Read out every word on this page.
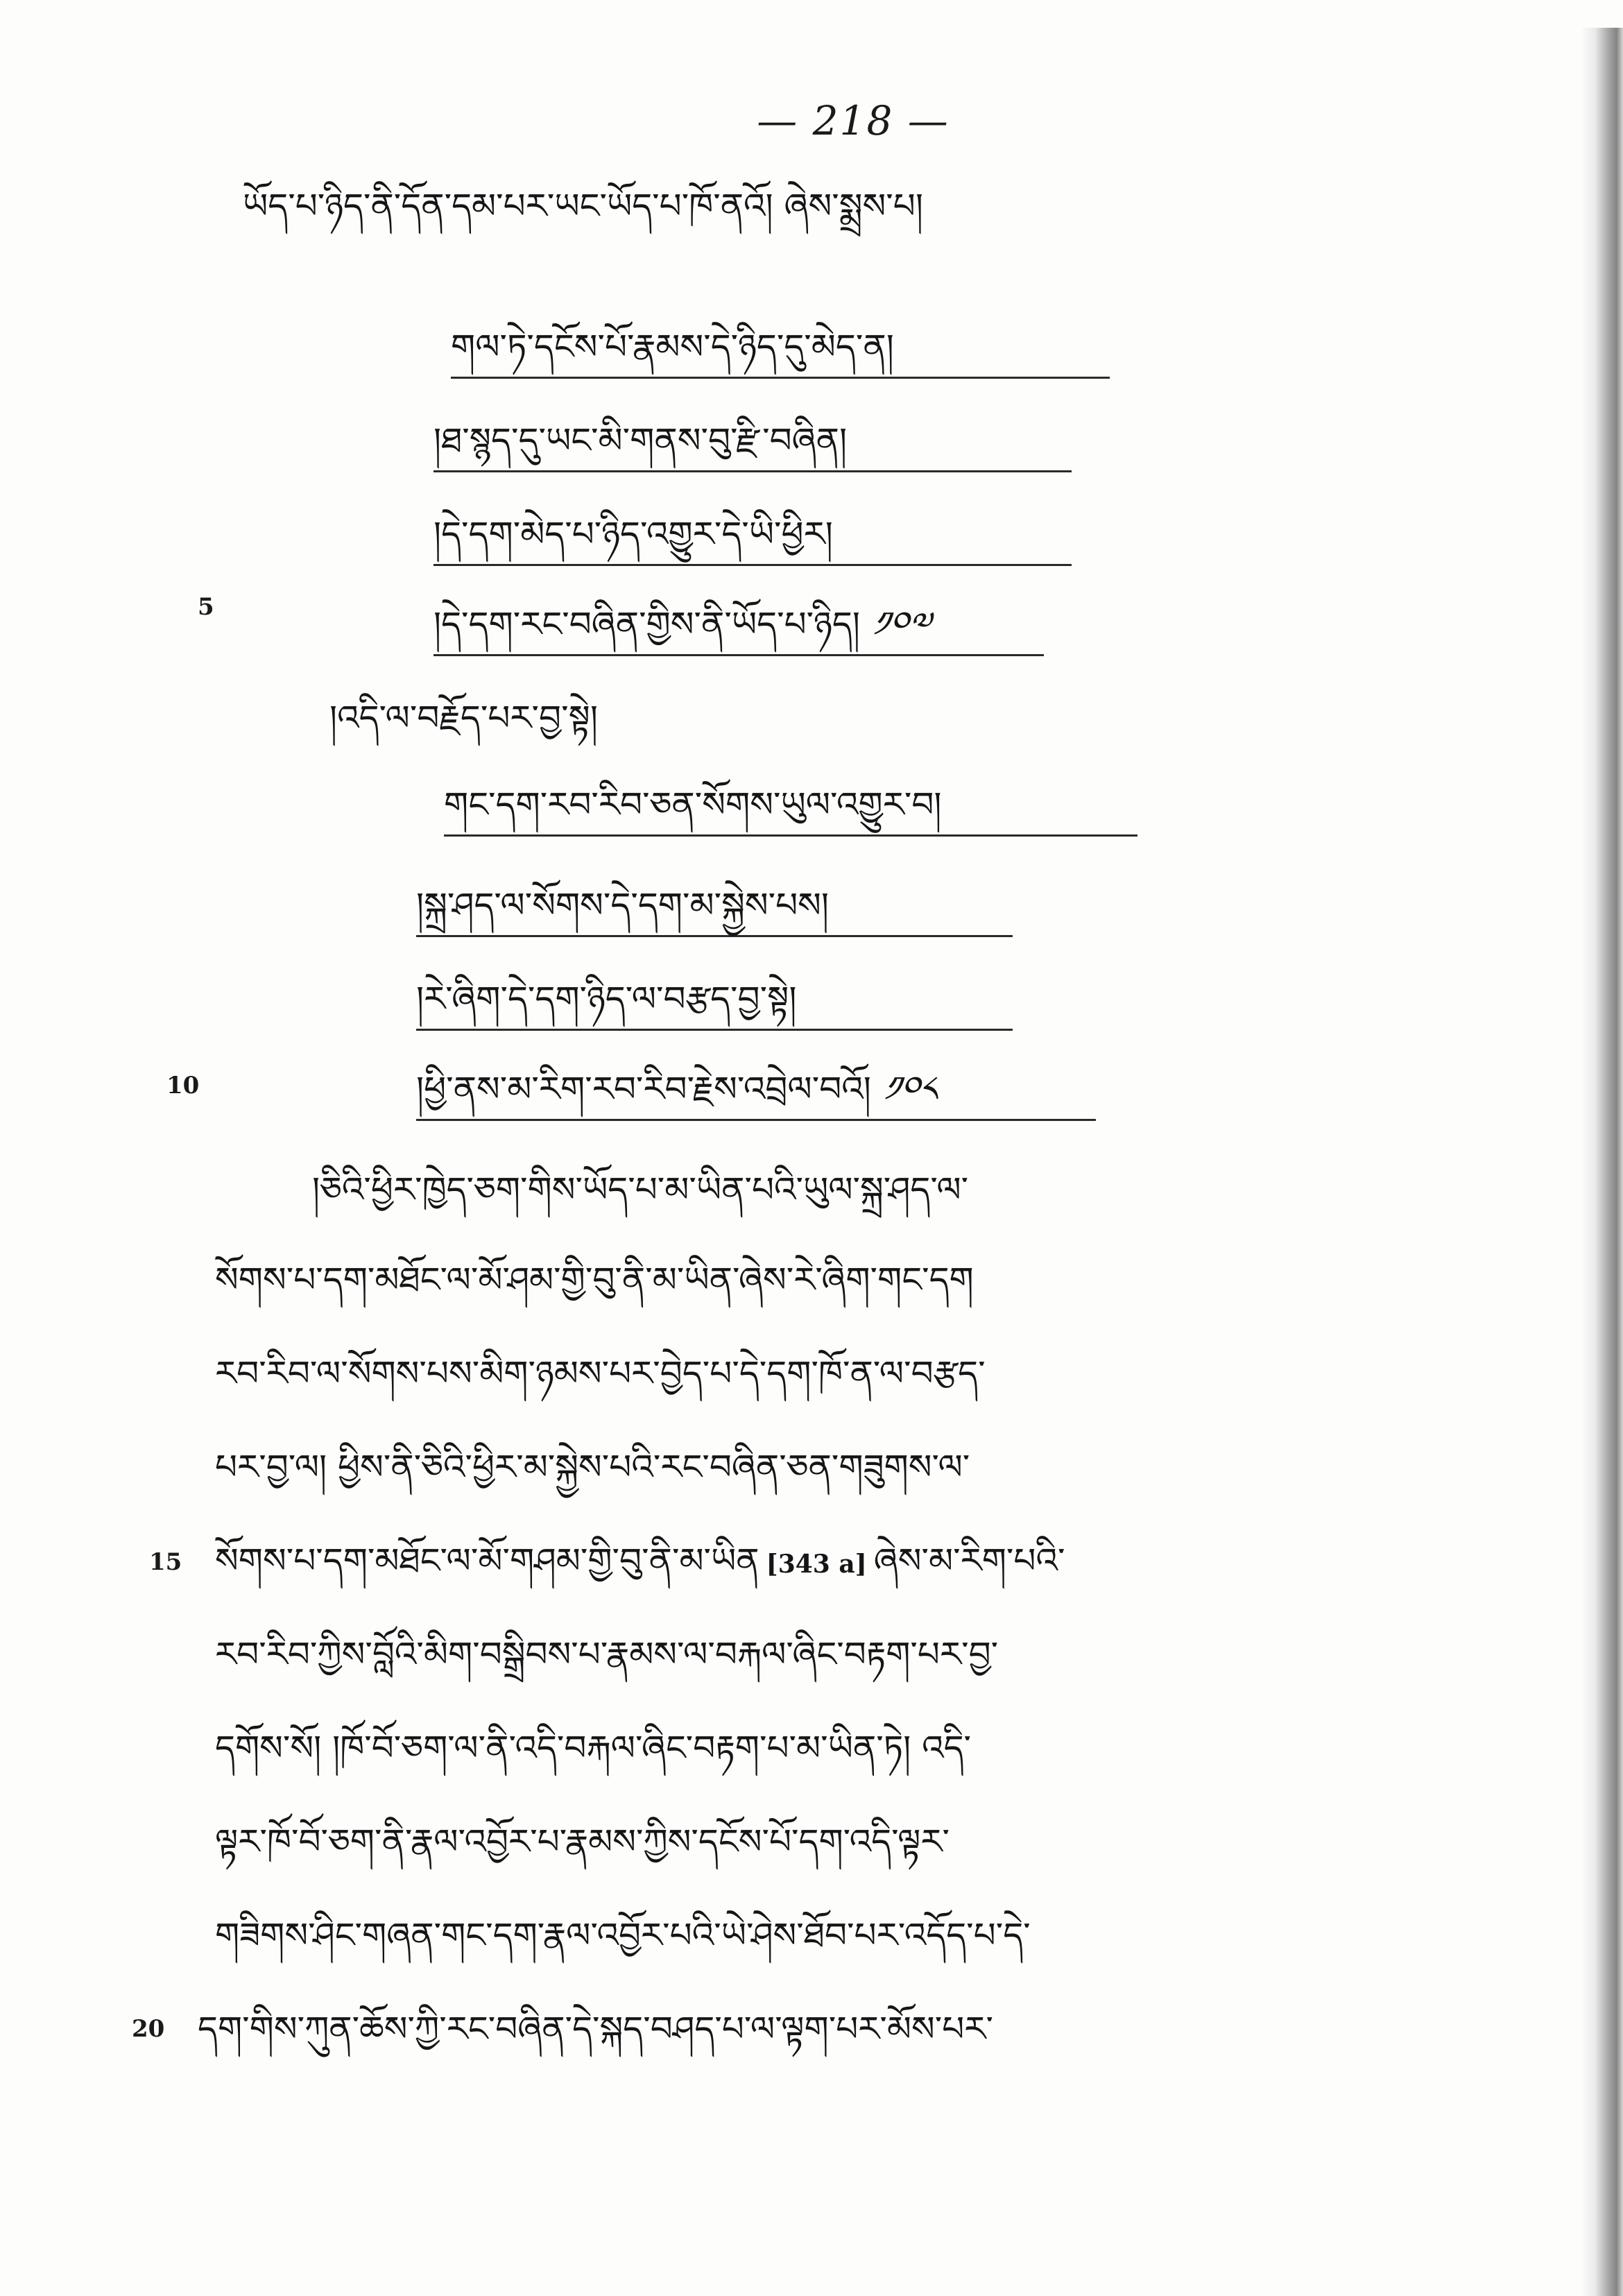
— 218 —
ཡོད་པ་ཉིད་ནི་དོན་དམ་པར་ཡང་ཡོད་པ་ཁོ་ནའོ། ཞེས་སྨྲས་པ།
གལ་ཏེ་དངོས་པོ་རྣམས་དེ་ཉིད་དུ་མེད་ན།
།ཐ་སྙད་དུ་ཡང་མི་གནས་བུ་རྫི་བཞིན།
།དེ་དག་མེད་པ་ཉིད་འགྱུར་དེ་ཡི་ཕྱིར།
།དེ་དག་རང་བཞིན་གྱིས་ནི་ཡོད་པ་ཉིད། ༡༠༧
5
།འདི་ལ་བརྗོད་པར་བྱ་སྟེ།
གང་དག་རབ་རིབ་ཅན་སོགས་ཡུལ་འགྱུར་བ།
།སྐྲ་ཤད་ལ་སོགས་དེ་དག་མ་སྐྱེས་པས།
།རེ་ཞིག་དེ་དག་ཉིད་ལ་བརྩད་བྱ་སྟེ།
།ཕྱི་ནས་མ་རིག་རབ་རིབ་རྗེས་འབྲེལ་བའོ། ༡༠༨
10
།ཅིའི་ཕྱིར་ཁྱེད་ཅག་གིས་ཡོད་པ་མ་ཡིན་པའི་ཡུལ་སྐྲ་ཤད་ལ་
སོགས་པ་དག་མཐོང་ལ་མོ་ཤམ་གྱི་བུ་ནི་མ་ཡིན་ཞེས་རེ་ཞིག་གང་དག
རབ་རིབ་ལ་སོགས་པས་མིག་ཉམས་པར་བྱེད་པ་དེ་དག་ཁོ་ན་ལ་བརྩད་
པར་བྱ་ལ། ཕྱིས་ནི་ཅིའི་ཕྱིར་མ་སྐྱེས་པའི་རང་བཞིན་ཅན་གཟུགས་ལ་
སོགས་པ་དག་མཐོང་ལ་མོ་གཤམ་གྱི་བུ་ནི་མ་ཡིན [343 a] ཞེས་མ་རིག་པའི་
15
རབ་རིབ་ཀྱིས་བློའི་མིག་བསྒྲིབས་པ་རྣམས་ལ་བརྐལ་ཞིང་བརྟག་པར་བྱ་
དགོས་སོ། །ཁོ་བོ་ཅག་ལ་ནི་འདི་བརྐལ་ཞིང་བརྟག་པ་མ་ཡིན་ཏེ། འདི་
ལྟར་ཁོ་བོ་ཅག་ནི་རྣལ་འབྱོར་པ་རྣམས་ཀྱིས་དངོས་པོ་དག་འདི་ལྟར་
གཟིགས་ཤིང་གཞན་གང་དག་རྣལ་འབྱོར་པའི་ཡེ་ཤེས་ཐོབ་པར་འདོད་པ་དེ་
དག་གིས་ཀུན་ཆོས་ཀྱི་རང་བཞིན་དེ་སྐད་བཤད་པ་ལ་ལྟག་པར་མོས་པར་
20
